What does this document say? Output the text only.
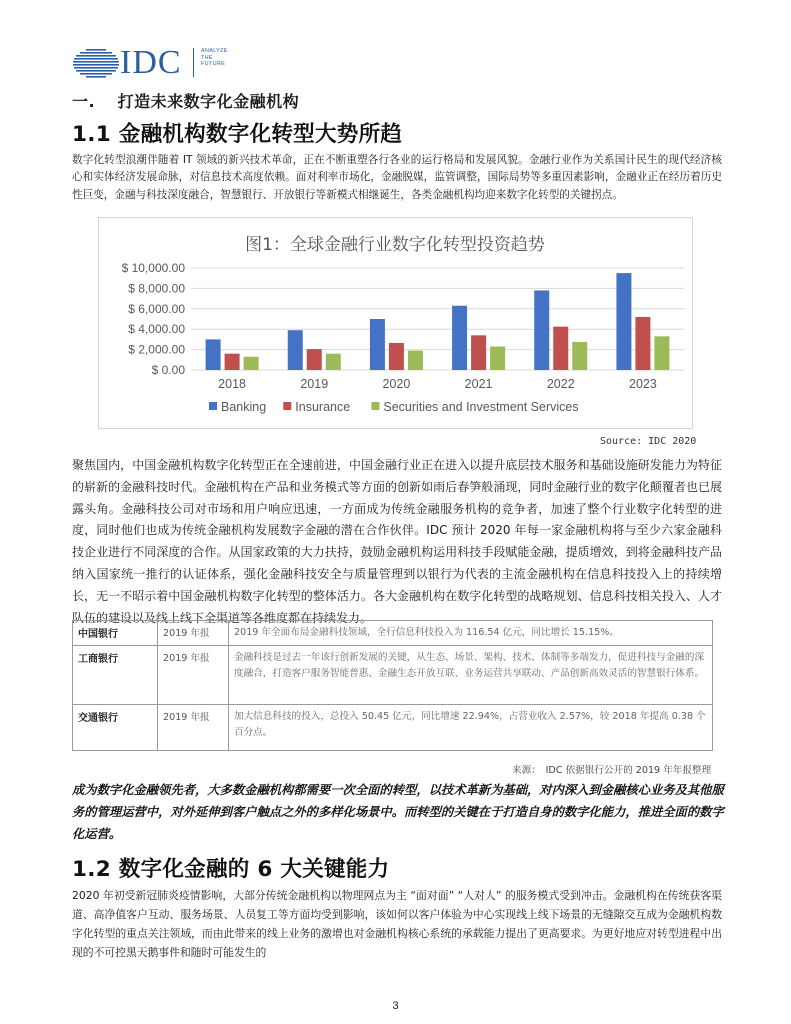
IDC	ANALYZE
THE
FUTURE
一.　 打造未来数字化金融机构
1.1 金融机构数字化转型大势所趋
数字化转型浪潮伴随着 IT 领域的新兴技术革命，正在不断重塑各行各业的运行格局和发展风貌。金融行业作为关系国计民生的现代经济核心和实体经济发展命脉，对信息技术高度依赖。面对利率市场化，金融脱媒，监管调整，国际局势等多重因素影响，金融业正在经历着历史性巨变，金融与科技深度融合，智慧银行、开放银行等新模式相继诞生，各类金融机构均迎来数字化转型的关键拐点。
图1：全球金融行业数字化转型投资趋势
$ 0.00
$ 2,000.00
$ 4,000.00
$ 6,000.00
$ 8,000.00
$ 10,000.00
2018	2019	2020	2021	2022	2023
Banking Insurance	Securities and Investment Services
Source: IDC 2020
聚焦国内，中国金融机构数字化转型正在全速前进，中国金融行业正在进入以提升底层技术服务和基础设施研发能力为特征的崭新的金融科技时代。金融机构在产品和业务模式等方面的创新如雨后春笋般涌现，同时金融行业的数字化颠覆者也已展露头角。金融科技公司对市场和用户响应迅速，一方面成为传统金融服务机构的竞争者，加速了整个行业数字化转型的进度，同时他们也成为传统金融机构发展数字金融的潜在合作伙伴。IDC 预计 2020 年每一家金融机构将与至少六家金融科技企业进行不同深度的合作。从国家政策的大力扶持，鼓励金融机构运用科技手段赋能金融，提质增效，到将金融科技产品纳入国家统一推行的认证体系，强化金融科技安全与质量管理到以银行为代表的主流金融机构在信息科技投入上的持续增长，无一不昭示着中国金融机构数字化转型的整体活力。各大金融机构在数字化转型的战略规划、信息科技相关投入、人才队伍的建设以及线上线下全渠道等各维度都在持续发力。
中国银行	2019 年报	2019 年全面布局金融科技领域，全行信息科技投入为 116.54 亿元，同比增长 15.15%。
工商银行	2019 年报	金融科技是过去一年该行创新发展的关键，从生态、场景、架构、技术、体制等多端发力，促进科技与金融的深度融合，打造客户服务智能普惠、金融生态开放互联、业务运营共享联动、产品创新高效灵活的智慧银行体系。
交通银行	2019 年报	加大信息科技的投入，总投入 50.45 亿元，同比增速 22.94%，占营业收入 2.57%，较 2018 年提高 0.38 个百分点。
来源：　IDC 依据银行公开的 2019 年年报整理
成为数字化金融领先者，大多数金融机构都需要一次全面的转型，以技术革新为基础，对内深入到金融核心业务及其他服务的管理运营中，对外延伸到客户触点之外的多样化场景中。而转型的关键在于打造自身的数字化能力，推进全面的数字化运营。
1.2 数字化金融的 6 大关键能力
2020 年初受新冠肺炎疫情影响，大部分传统金融机构以物理网点为主 “面对面” “人对人” 的服务模式受到冲击。金融机构在传统获客渠道、高净值客户互动、服务场景、人员复工等方面均受到影响，该如何以客户体验为中心实现线上线下场景的无缝隙交互成为金融机构数字化转型的重点关注领域，而由此带来的线上业务的激增也对金融机构核心系统的承载能力提出了更高要求。为更好地应对转型进程中出现的不可控黑天鹅事件和随时可能发生的
3
